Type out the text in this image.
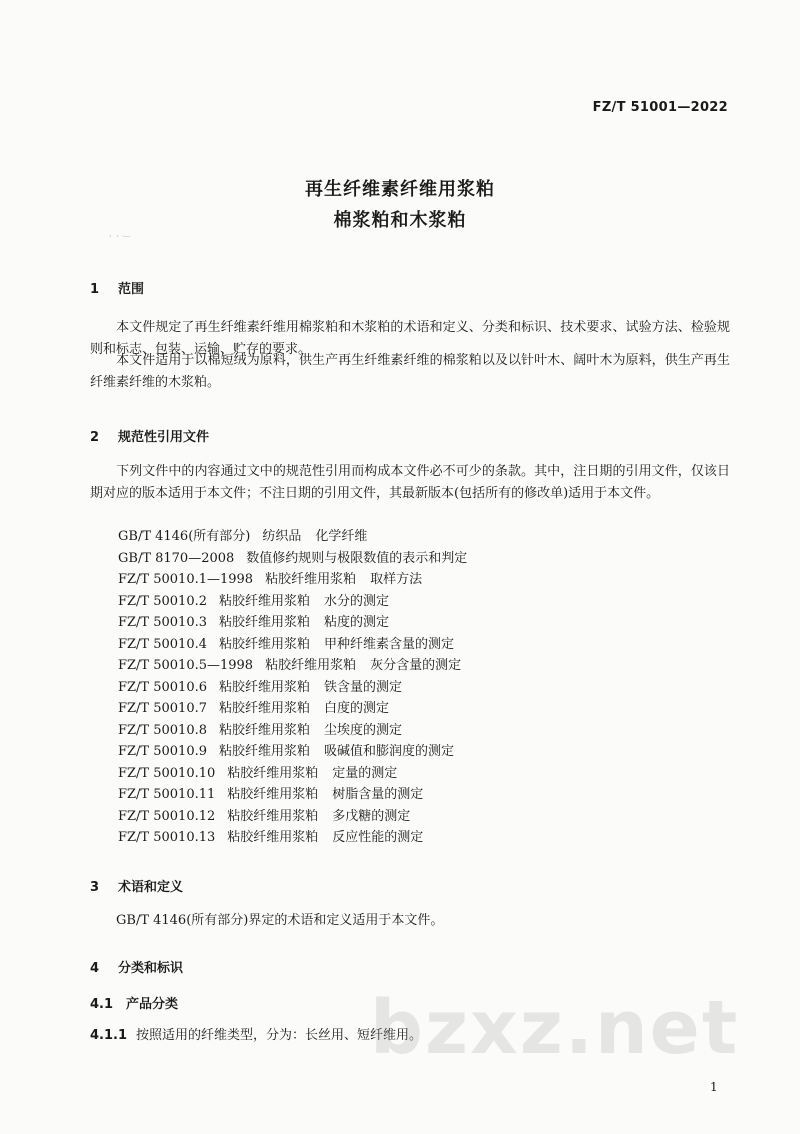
FZ/T 51001—2022
再生纤维素纤维用浆粕
棉浆粕和木浆粕
¸ ˛ ‿
1 范围
本文件规定了再生纤维素纤维用棉浆粕和木浆粕的术语和定义、分类和标识、技术要求、试验方法、检验规则和标志、包装、运输、贮存的要求。
本文件适用于以棉短绒为原料，供生产再生纤维素纤维的棉浆粕以及以针叶木、阔叶木为原料，供生产再生纤维素纤维的木浆粕。
2 规范性引用文件
下列文件中的内容通过文中的规范性引用而构成本文件必不可少的条款。其中，注日期的引用文件，仅该日期对应的版本适用于本文件；不注日期的引用文件，其最新版本(包括所有的修改单)适用于本文件。
GB/T 4146(所有部分) 纺织品 化学纤维
GB/T 8170—2008 数值修约规则与极限数值的表示和判定
FZ/T 50010.1—1998 粘胶纤维用浆粕 取样方法
FZ/T 50010.2 粘胶纤维用浆粕 水分的测定
FZ/T 50010.3 粘胶纤维用浆粕 粘度的测定
FZ/T 50010.4 粘胶纤维用浆粕 甲种纤维素含量的测定
FZ/T 50010.5—1998 粘胶纤维用浆粕 灰分含量的测定
FZ/T 50010.6 粘胶纤维用浆粕 铁含量的测定
FZ/T 50010.7 粘胶纤维用浆粕 白度的测定
FZ/T 50010.8 粘胶纤维用浆粕 尘埃度的测定
FZ/T 50010.9 粘胶纤维用浆粕 吸碱值和膨润度的测定
FZ/T 50010.10 粘胶纤维用浆粕 定量的测定
FZ/T 50010.11 粘胶纤维用浆粕 树脂含量的测定
FZ/T 50010.12 粘胶纤维用浆粕 多戊糖的测定
FZ/T 50010.13 粘胶纤维用浆粕 反应性能的测定
3 术语和定义
GB/T 4146(所有部分)界定的术语和定义适用于本文件。
4 分类和标识
4.1 产品分类
4.1.1 按照适用的纤维类型，分为：长丝用、短纤维用。
bzxz.net
1
